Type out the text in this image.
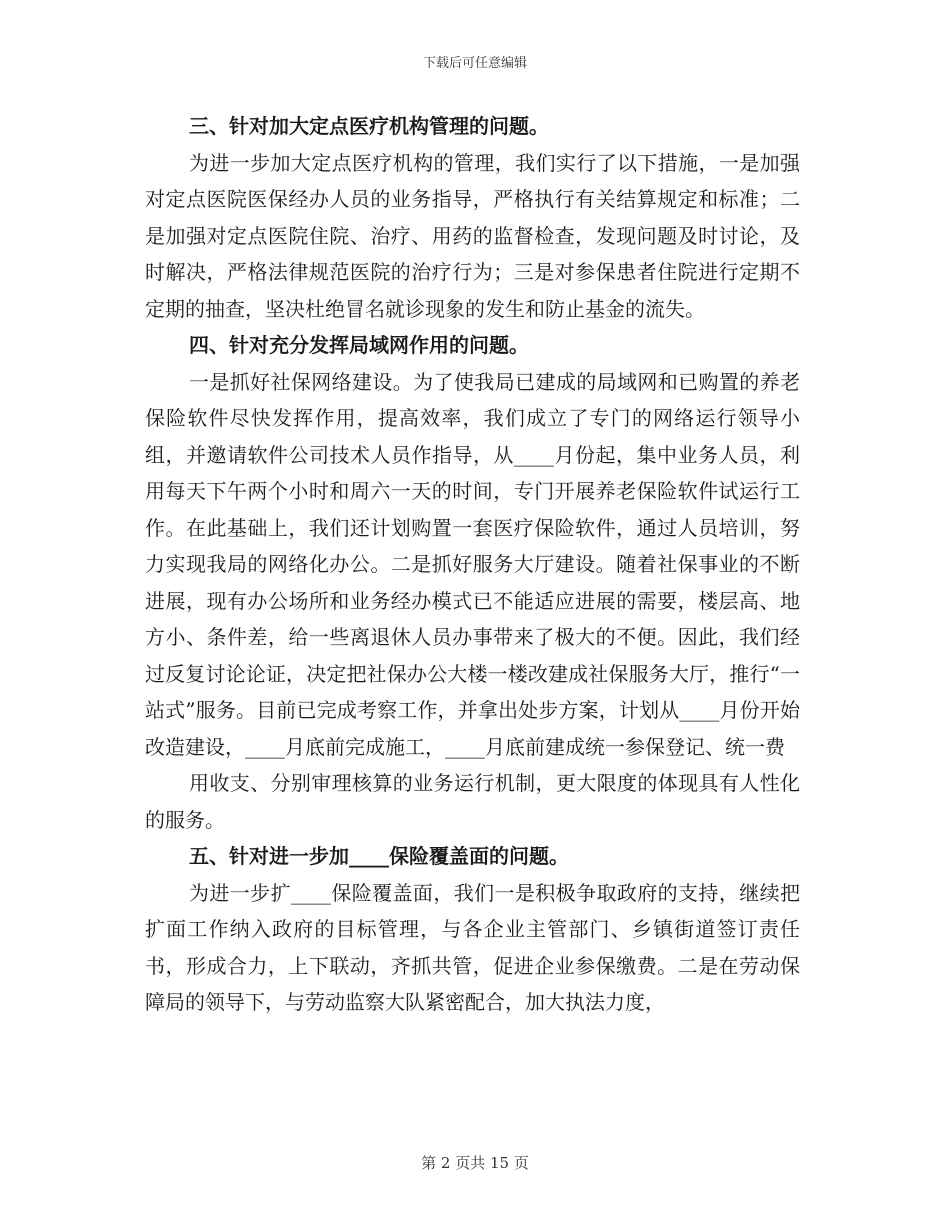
下载后可任意编辑

三、针对加大定点医疗机构管理的问题。

为进一步加大定点医疗机构的管理，我们实行了以下措施，一是加强对定点医院医保经办人员的业务指导，严格执行有关结算规定和标准；二是加强对定点医院住院、治疗、用药的监督检查，发现问题及时讨论，及时解决，严格法律规范医院的治疗行为；三是对参保患者住院进行定期不定期的抽查，坚决杜绝冒名就诊现象的发生和防止基金的流失。

四、针对充分发挥局域网作用的问题。

一是抓好社保网络建设。为了使我局已建成的局域网和已购置的养老保险软件尽快发挥作用，提高效率，我们成立了专门的网络运行领导小组，并邀请软件公司技术人员作指导，从____月份起，集中业务人员，利用每天下午两个小时和周六一天的时间，专门开展养老保险软件试运行工作。在此基础上，我们还计划购置一套医疗保险软件，通过人员培训，努力实现我局的网络化办公。二是抓好服务大厅建设。随着社保事业的不断进展，现有办公场所和业务经办模式已不能适应进展的需要，楼层高、地方小、条件差，给一些离退休人员办事带来了极大的不便。因此，我们经过反复讨论论证，决定把社保办公大楼一楼改建成社保服务大厅，推行“一站式”服务。目前已完成考察工作，并拿出处步方案，计划从____月份开始改造建设，____月底前完成施工，____月底前建成统一参保登记、统一费

用收支、分别审理核算的业务运行机制，更大限度的体现具有人性化的服务。

五、针对进一步加____保险覆盖面的问题。

为进一步扩____保险覆盖面，我们一是积极争取政府的支持，继续把扩面工作纳入政府的目标管理，与各企业主管部门、乡镇街道签订责任书，形成合力，上下联动，齐抓共管，促进企业参保缴费。二是在劳动保障局的领导下，与劳动监察大队紧密配合，加大执法力度，

第 2 页共 15 页
